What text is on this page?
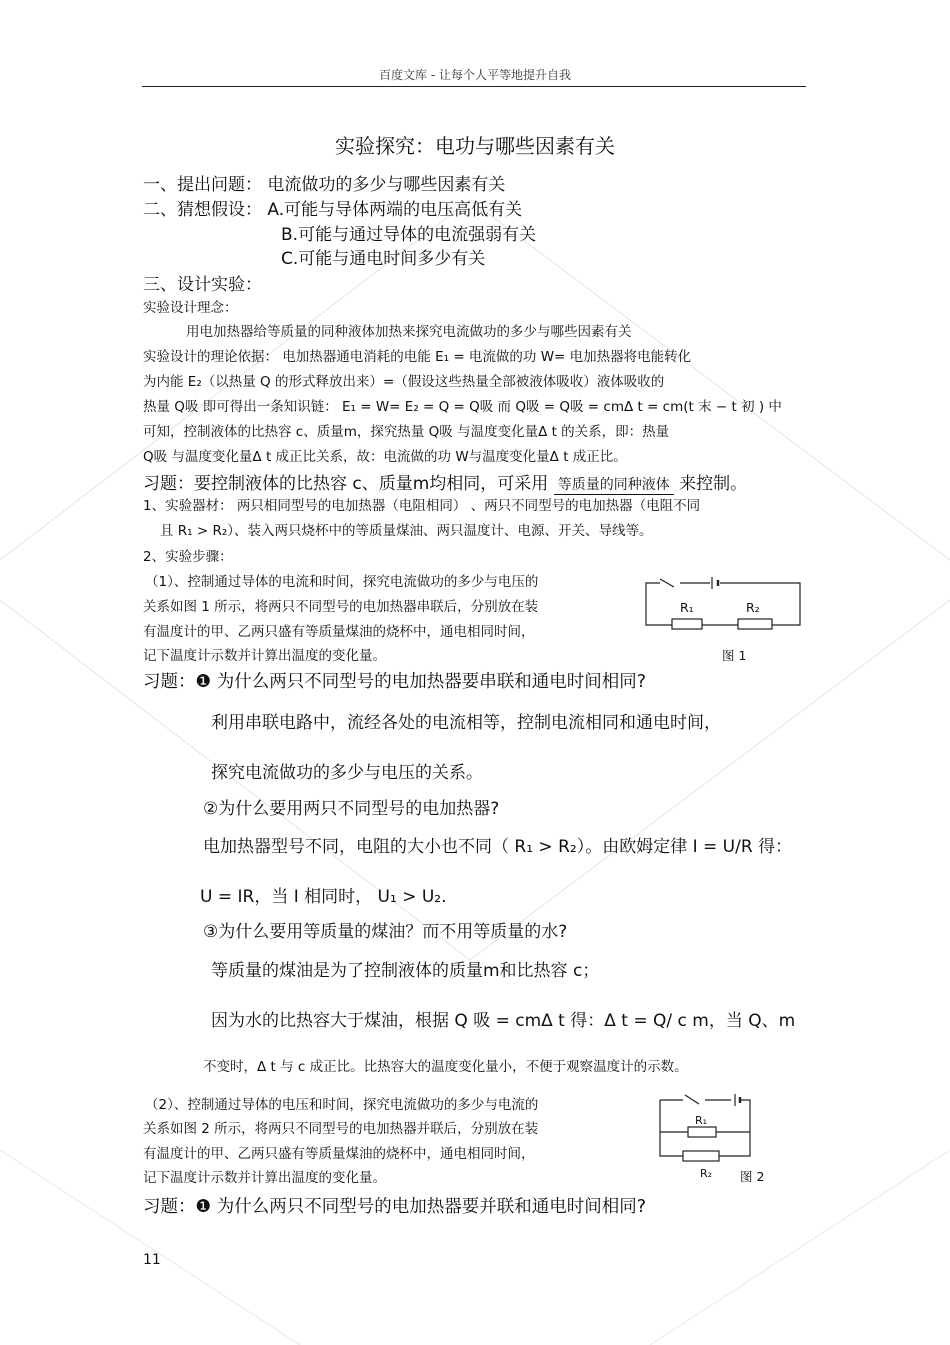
百度文库 - 让每个人平等地提升自我
实验探究：电功与哪些因素有关
一、提出问题： 电流做功的多少与哪些因素有关
二、猜想假设： A.可能与导体两端的电压高低有关
B.可能与通过导体的电流强弱有关
C.可能与通电时间多少有关
三、设计实验：
实验设计理念：
用电加热器给等质量的同种液体加热来探究电流做功的多少与哪些因素有关
实验设计的理论依据： 电加热器通电消耗的电能 E₁ = 电流做的功 W= 电加热器将电能转化
为内能 E₂（以热量 Q 的形式释放出来）=（假设这些热量全部被液体吸收）液体吸收的
热量 Q吸 即可得出一条知识链： E₁ = W= E₂ = Q = Q吸 而 Q吸 = Q吸 = cmΔ t = cm(t 末 − t 初 ) 中
可知，控制液体的比热容 c、质量m，探究热量 Q吸 与温度变化量Δ t 的关系，即：热量
Q吸 与温度变化量Δ t 成正比关系，故：电流做的功 W与温度变化量Δ t 成正比。
习题：要控制液体的比热容 c、质量m均相同，可采用 等质量的同种液体 来控制。
1、实验器材： 两只相同型号的电加热器（电阻相同） 、两只不同型号的电加热器（电阻不同
且 R₁ > R₂）、装入两只烧杯中的等质量煤油、两只温度计、电源、开关、导线等。
2、实验步骤：
（1）、控制通过导体的电流和时间，探究电流做功的多少与电压的
关系如图 1 所示，将两只不同型号的电加热器串联后，分别放在装
有温度计的甲、乙两只盛有等质量煤油的烧杯中，通电相同时间，
记下温度计示数并计算出温度的变化量。
R₁	R₂
图 1
习题：❶ 为什么两只不同型号的电加热器要串联和通电时间相同?
利用串联电路中，流经各处的电流相等，控制电流相同和通电时间，
探究电流做功的多少与电压的关系。
②为什么要用两只不同型号的电加热器?
电加热器型号不同，电阻的大小也不同（ R₁ > R₂）。由欧姆定律 I = U/R 得：
U = IR，当 I 相同时， U₁ > U₂.
③为什么要用等质量的煤油？而不用等质量的水?
等质量的煤油是为了控制液体的质量m和比热容 c；
因为水的比热容大于煤油，根据 Q 吸 = cmΔ t 得：Δ t = Q/ c m，当 Q、m
不变时，Δ t 与 c 成正比。比热容大的温度变化量小，不便于观察温度计的示数。
（2）、控制通过导体的电压和时间，探究电流做功的多少与电流的
关系如图 2 所示，将两只不同型号的电加热器并联后，分别放在装
有温度计的甲、乙两只盛有等质量煤油的烧杯中，通电相同时间，
记下温度计示数并计算出温度的变化量。
R₁
R₂ 图 2
习题：❶ 为什么两只不同型号的电加热器要并联和通电时间相同?
11
